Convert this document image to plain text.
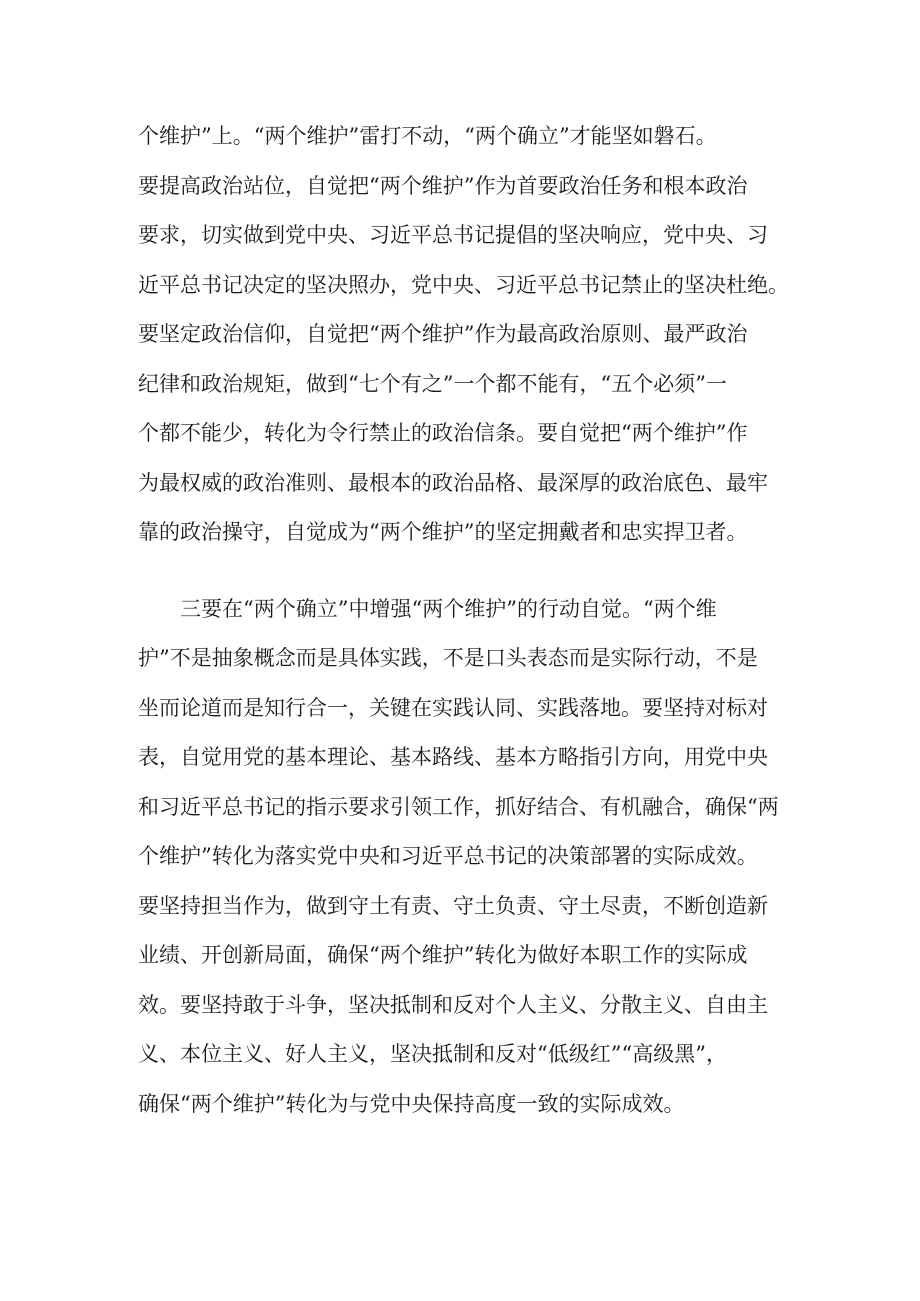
个维护”上。“两个维护”雷打不动，“两个确立”才能坚如磐石。
要提高政治站位，自觉把“两个维护”作为首要政治任务和根本政治
要求，切实做到党中央、习近平总书记提倡的坚决响应，党中央、习
近平总书记决定的坚决照办，党中央、习近平总书记禁止的坚决杜绝。
要坚定政治信仰，自觉把“两个维护”作为最高政治原则、最严政治
纪律和政治规矩，做到“七个有之”一个都不能有，“五个必须”一
个都不能少，转化为令行禁止的政治信条。要自觉把“两个维护”作
为最权威的政治准则、最根本的政治品格、最深厚的政治底色、最牢
靠的政治操守，自觉成为“两个维护”的坚定拥戴者和忠实捍卫者。
　　三要在“两个确立”中增强“两个维护”的行动自觉。“两个维
护”不是抽象概念而是具体实践，不是口头表态而是实际行动，不是
坐而论道而是知行合一，关键在实践认同、实践落地。要坚持对标对
表，自觉用党的基本理论、基本路线、基本方略指引方向，用党中央
和习近平总书记的指示要求引领工作，抓好结合、有机融合，确保“两
个维护”转化为落实党中央和习近平总书记的决策部署的实际成效。
要坚持担当作为，做到守土有责、守土负责、守土尽责，不断创造新
业绩、开创新局面，确保“两个维护”转化为做好本职工作的实际成
效。要坚持敢于斗争，坚决抵制和反对个人主义、分散主义、自由主
义、本位主义、好人主义，坚决抵制和反对“低级红”“高级黑”，
确保“两个维护”转化为与党中央保持高度一致的实际成效。
